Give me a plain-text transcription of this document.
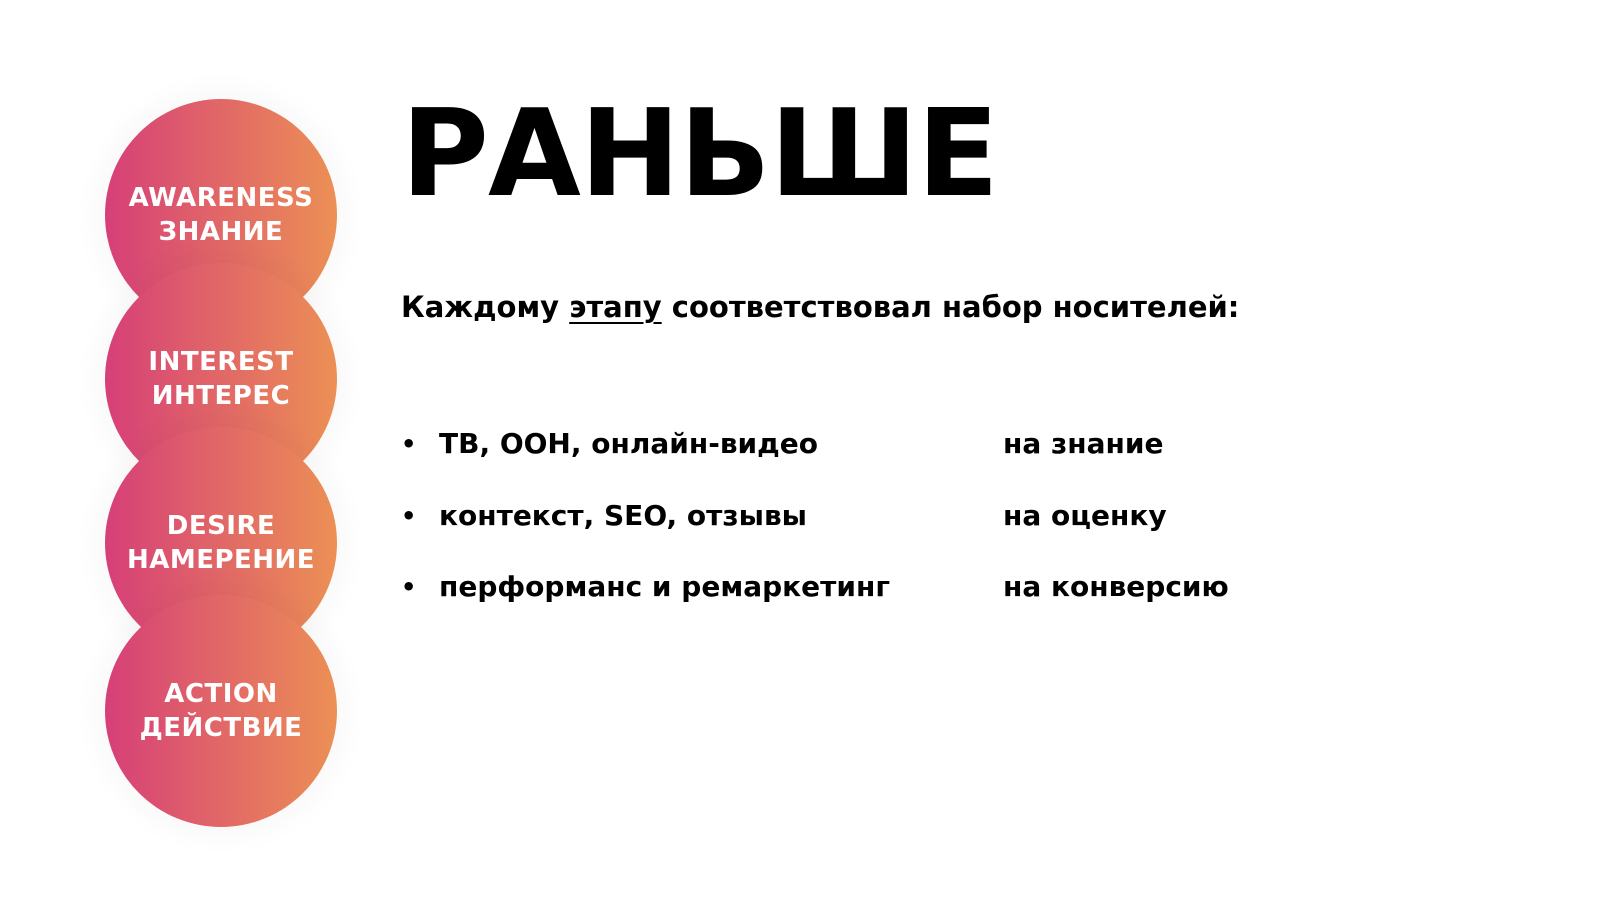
AWARENESS
ЗНАНИЕ
INTEREST
ИНТЕРЕС
DESIRE
НАМЕРЕНИЕ
ACTION
ДЕЙСТВИЕ
РАНЬШЕ
Каждому этапу соответствовал набор носителей:
• ТВ, ООН, онлайн-видео	на знание
• контекст, SEO, отзывы	на оценку
• перформанс и ремаркетинг	на конверсию
